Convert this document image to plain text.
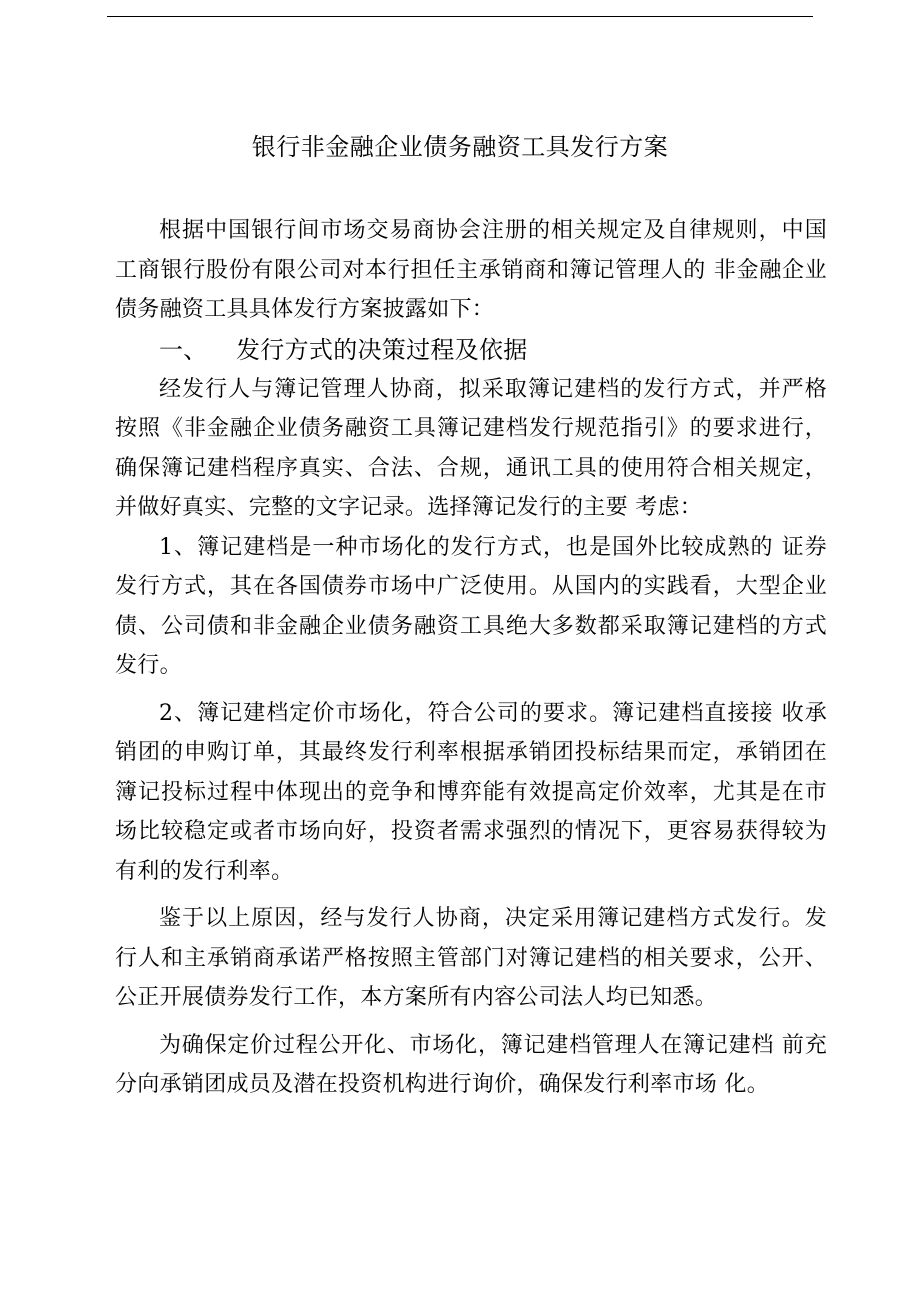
银行非金融企业债务融资工具发行方案

根据中国银行间市场交易商协会注册的相关规定及自律规则，中国工商银行股份有限公司对本行担任主承销商和簿记管理人的 非金融企业债务融资工具具体发行方案披露如下：

一、 发行方式的决策过程及依据

经发行人与簿记管理人协商，拟采取簿记建档的发行方式，并严格按照《非金融企业债务融资工具簿记建档发行规范指引》的要求进行，确保簿记建档程序真实、合法、合规，通讯工具的使用符合相关规定，并做好真实、完整的文字记录。选择簿记发行的主要 考虑：

1、簿记建档是一种市场化的发行方式，也是国外比较成熟的 证券发行方式，其在各国债券市场中广泛使用。从国内的实践看，大型企业债、公司债和非金融企业债务融资工具绝大多数都采取簿记建档的方式发行。

2、簿记建档定价市场化，符合公司的要求。簿记建档直接接 收承销团的申购订单，其最终发行利率根据承销团投标结果而定，承销团在簿记投标过程中体现出的竞争和博弈能有效提高定价效率，尤其是在市场比较稳定或者市场向好，投资者需求强烈的情况下，更容易获得较为有利的发行利率。

鉴于以上原因，经与发行人协商，决定采用簿记建档方式发行。发行人和主承销商承诺严格按照主管部门对簿记建档的相关要求，公开、公正开展债券发行工作，本方案所有内容公司法人均已知悉。

为确保定价过程公开化、市场化，簿记建档管理人在簿记建档 前充分向承销团成员及潜在投资机构进行询价，确保发行利率市场 化。
